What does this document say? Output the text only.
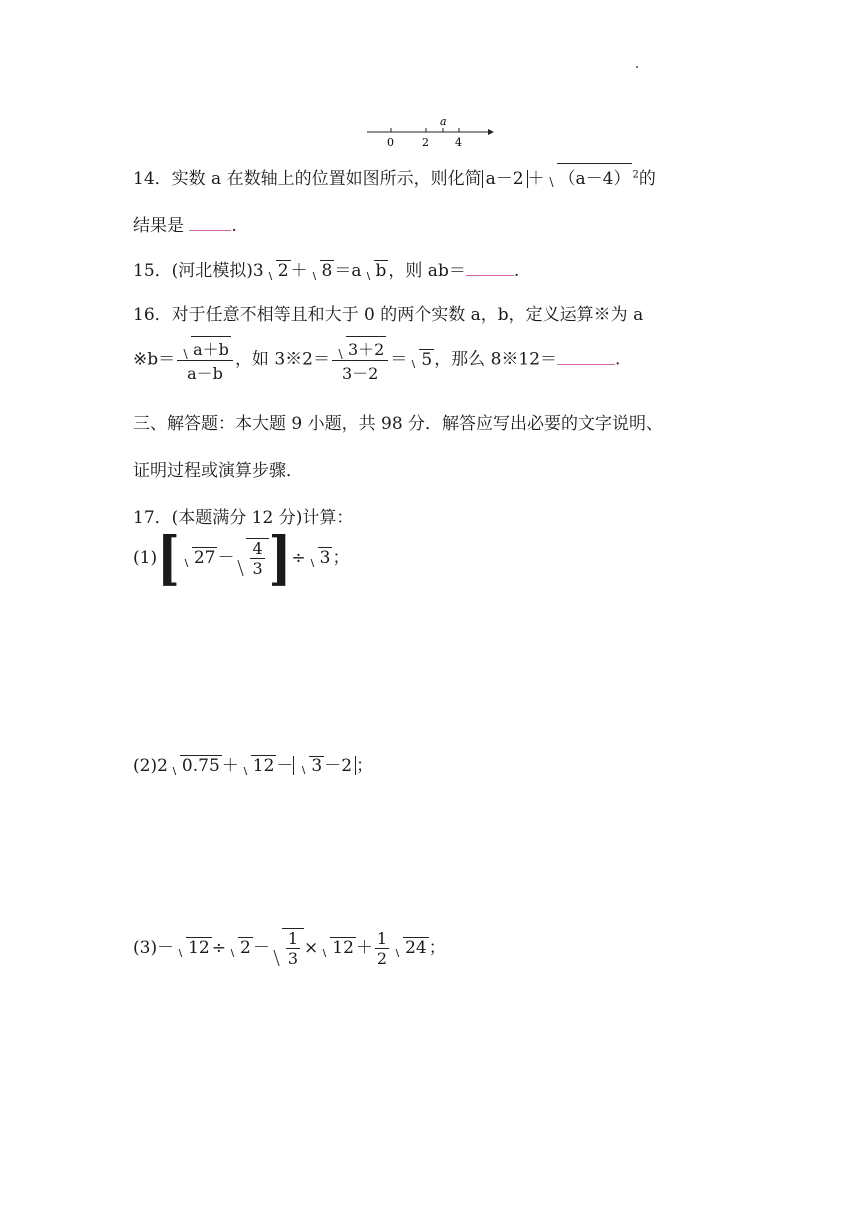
a
0	2 4
14．实数 a 在数轴上的位置如图所示，则化简 a－2 ＋ （a－4） $^2$的
结果是	.
15．(河北模拟)3 2 ＋ 8 ＝a b ，则 ab＝	.
16．对于任意不相等且和大于 0 的两个实数 a，b，定义运算※为 a
※b＝ $\frac{a+b}{a-b}$ ，如 3※2＝ $\frac{3+2}{3-2} = 5$ ，那么 8※12＝	.
三、解答题：本大题 9 小题，共 98 分．解答应写出必要的文字说明、
证明过程或演算步骤．
17．(本题满分 12 分)计算：
(1)[ $27 - \frac{4}{3}$ ]÷ 3 ；
(2)2 0.75 ＋ 12 － 3 －2 ；
$(3)- 12 \div 2 - \frac{1}{3} \times 12 + \frac{1}{2} 24$ ；
